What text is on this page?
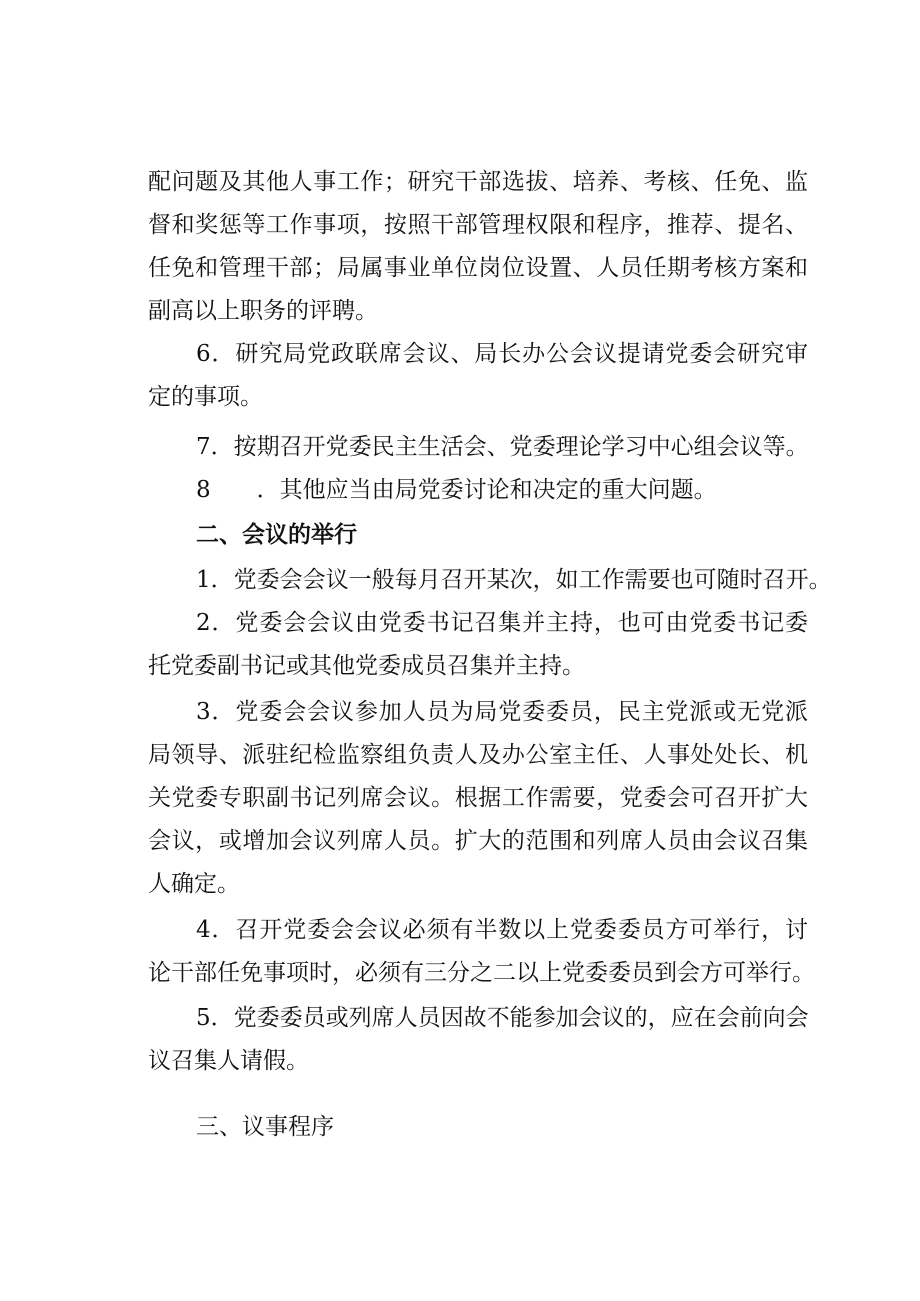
配问题及其他人事工作；研究干部选拔、培养、考核、任免、监
督和奖惩等工作事项，按照干部管理权限和程序，推荐、提名、
任免和管理干部；局属事业单位岗位设置、人员任期考核方案和
副高以上职务的评聘。
6．研究局党政联席会议、局长办公会议提请党委会研究审
定的事项。
7．按期召开党委民主生活会、党委理论学习中心组会议等。
8　　．其他应当由局党委讨论和决定的重大问题。
二、会议的举行
1．党委会会议一般每月召开某次，如工作需要也可随时召开。
2．党委会会议由党委书记召集并主持，也可由党委书记委
托党委副书记或其他党委成员召集并主持。
3．党委会会议参加人员为局党委委员，民主党派或无党派
局领导、派驻纪检监察组负责人及办公室主任、人事处处长、机
关党委专职副书记列席会议。根据工作需要，党委会可召开扩大
会议，或增加会议列席人员。扩大的范围和列席人员由会议召集
人确定。
4．召开党委会会议必须有半数以上党委委员方可举行，讨
论干部任免事项时，必须有三分之二以上党委委员到会方可举行。
5．党委委员或列席人员因故不能参加会议的，应在会前向会
议召集人请假。
三、议事程序
